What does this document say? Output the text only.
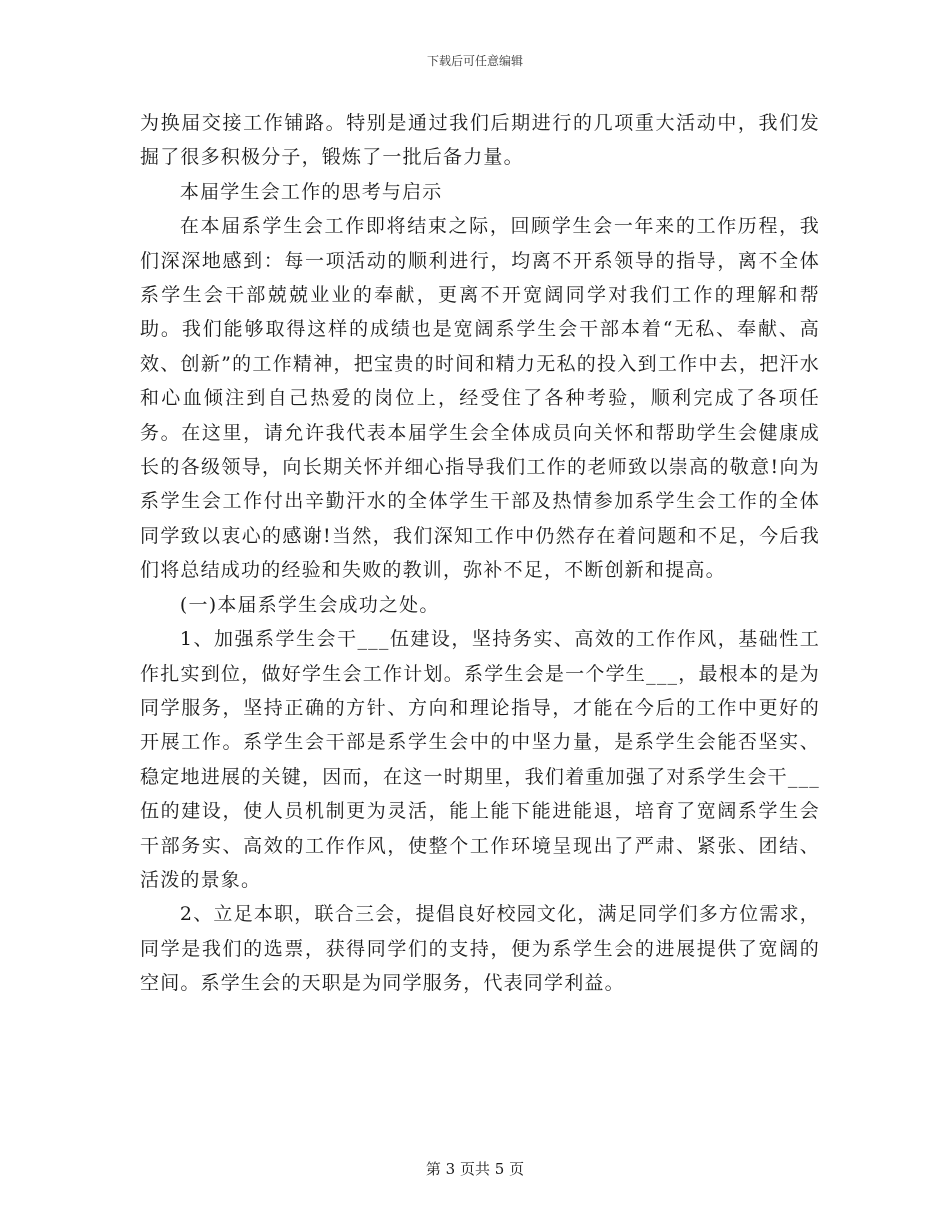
下载后可任意编辑

为换届交接工作铺路。特别是通过我们后期进行的几项重大活动中，我们发掘了很多积极分子，锻炼了一批后备力量。

本届学生会工作的思考与启示

在本届系学生会工作即将结束之际，回顾学生会一年来的工作历程，我们深深地感到：每一项活动的顺利进行，均离不开系领导的指导，离不全体系学生会干部兢兢业业的奉献，更离不开宽阔同学对我们工作的理解和帮助。我们能够取得这样的成绩也是宽阔系学生会干部本着“无私、奉献、高效、创新”的工作精神，把宝贵的时间和精力无私的投入到工作中去，把汗水和心血倾注到自己热爱的岗位上，经受住了各种考验，顺利完成了各项任务。在这里，请允许我代表本届学生会全体成员向关怀和帮助学生会健康成长的各级领导，向长期关怀并细心指导我们工作的老师致以崇高的敬意!向为系学生会工作付出辛勤汗水的全体学生干部及热情参加系学生会工作的全体同学致以衷心的感谢!当然，我们深知工作中仍然存在着问题和不足，今后我们将总结成功的经验和失败的教训，弥补不足，不断创新和提高。

(一)本届系学生会成功之处。

1、加强系学生会干___伍建设，坚持务实、高效的工作作风，基础性工作扎实到位，做好学生会工作计划。系学生会是一个学生___，最根本的是为同学服务，坚持正确的方针、方向和理论指导，才能在今后的工作中更好的开展工作。系学生会干部是系学生会中的中坚力量，是系学生会能否坚实、稳定地进展的关键，因而，在这一时期里，我们着重加强了对系学生会干___伍的建设，使人员机制更为灵活，能上能下能进能退，培育了宽阔系学生会干部务实、高效的工作作风，使整个工作环境呈现出了严肃、紧张、团结、活泼的景象。

2、立足本职，联合三会，提倡良好校园文化，满足同学们多方位需求，同学是我们的选票，获得同学们的支持，便为系学生会的进展提供了宽阔的空间。系学生会的天职是为同学服务，代表同学利益。

第 3 页共 5 页
